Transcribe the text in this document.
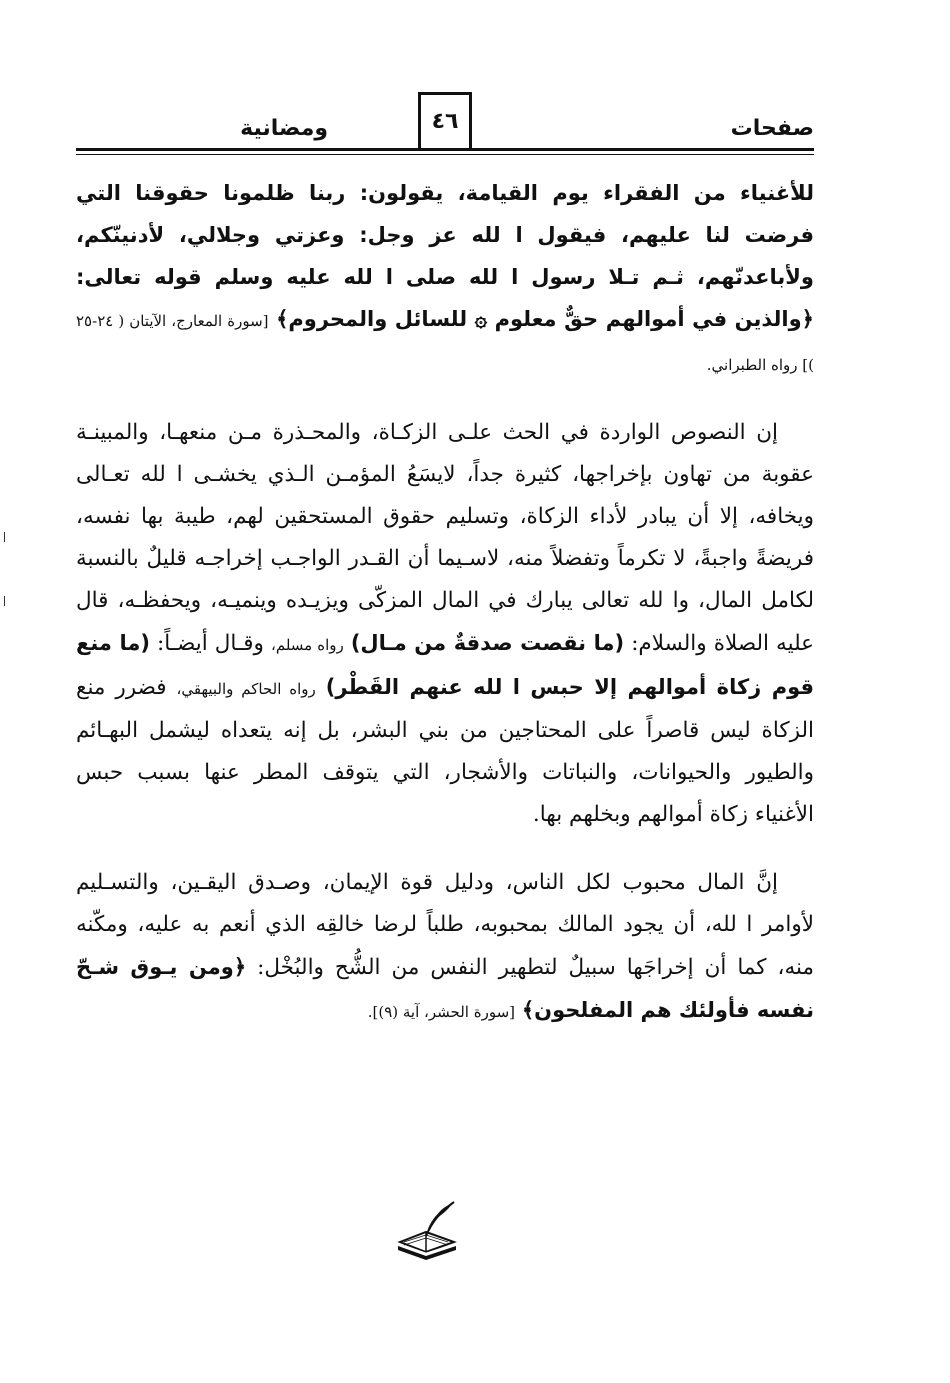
ومضانية	٤٦	صفحات

للأغنياء من الفقراء يوم القيامة، يقولون: ربنا ظلمونا حقوقنا التي فرضت لنا عليهم، فيقول ا لله عز وجل: وعزتي وجلالي، لأدنينّكم، ولأباعدنّهم، ثـم تـلا رسول ا لله صلى ا لله عليه وسلم قوله تعالى: ﴿والذين في أموالهم حقٌّ معلوم ۞ للسائل والمحروم﴾ [سورة المعارج، الآيتان ( ٢٤-٢٥ )] رواه الطبراني.

إن النصوص الواردة في الحث علـى الزكـاة، والمحـذرة مـن منعهـا، والمبينـة عقوبة من تهاون بإخراجها، كثيرة جداً، لايسَعُ المؤمـن الـذي يخشـى ا لله تعـالى ويخافه، إلا أن يبادر لأداء الزكاة، وتسليم حقوق المستحقين لهم، طيبة بها نفسه، فريضةً واجبةً، لا تكرماً وتفضلاً منه، لاسـيما أن القـدر الواجـب إخراجـه قليلٌ بالنسبة لكامل المال، وا لله تعالى يبارك في المال المزكّى ويزيـده وينميـه، ويحفظـه، قال عليه الصلاة والسلام: (ما نقصت صدقةٌ من مـال) رواه مسلم، وقـال أيضـاً: (ما منع قوم زكاة أموالهم إلا حبس ا لله عنهم القَطْر) رواه الحاكم والبيهقي، فضرر منع الزكاة ليس قاصراً على المحتاجين من بني البشر، بل إنه يتعداه ليشمل البهـائم والطيور والحيوانات، والنباتات والأشجار، التي يتوقف المطر عنها بسبب حبس الأغنياء زكاة أموالهم وبخلهم بها.

إنَّ المال محبوب لكل الناس، ودليل قوة الإيمان، وصـدق اليقـين، والتسـليم لأوامر ا لله، أن يجود المالك بمحبوبه، طلباً لرضا خالقِه الذي أنعم به عليه، ومكّنه منه، كما أن إخراجَها سبيلٌ لتطهير النفس من الشُّح والبُخْل: ﴿ومن يـوق شـحّ نفسه فأولئك هم المفلحون﴾ [سورة الحشر، آية (٩)].
